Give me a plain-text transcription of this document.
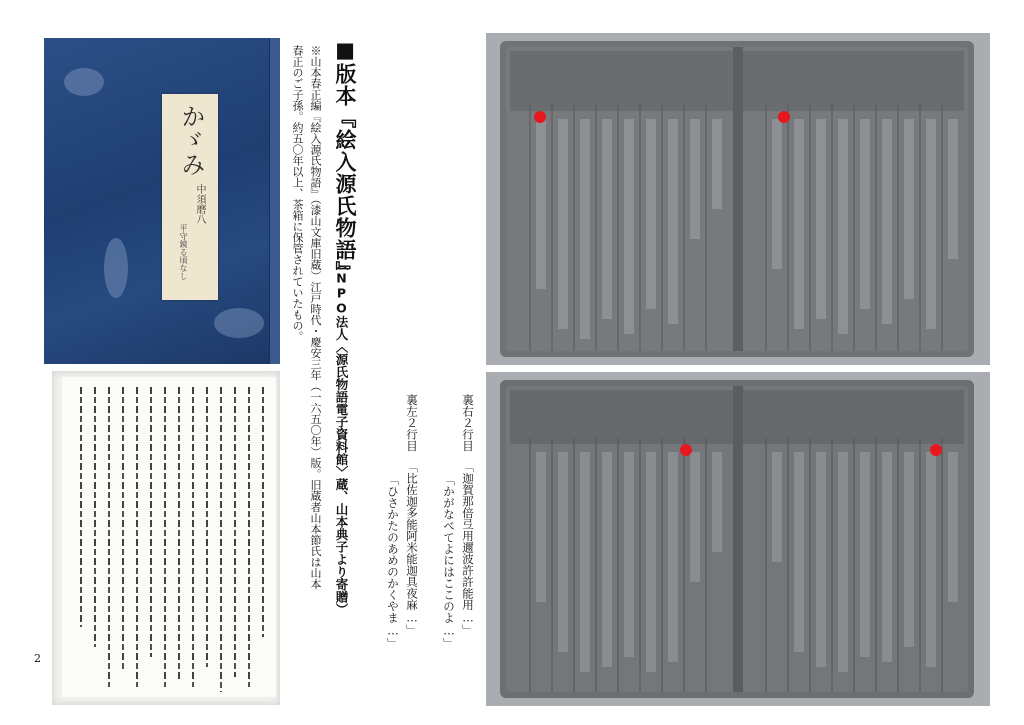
かゞみ
中須磨八
平守鏡る頃なし	■版本『絵入源氏物語』
（NPO法人〈源氏物語電子資料館〉蔵、山本典子より寄贈）
※山本春正編『絵入源氏物語』（漆山文庫旧蔵）江戸時代・慶安三年（一六五〇年）版。旧蔵者山本節氏は山本
春正のご子孫。約五〇年以上、茶箱に保管されていたもの。
2
裏右２行目
「迦賀那倍弖用邇波許許能用…」
「かがなべてよにはここのよ…」
裏左２行目
「比佐迦多能阿米能迦具夜麻…」
「ひさかたのあめのかくやま…」
